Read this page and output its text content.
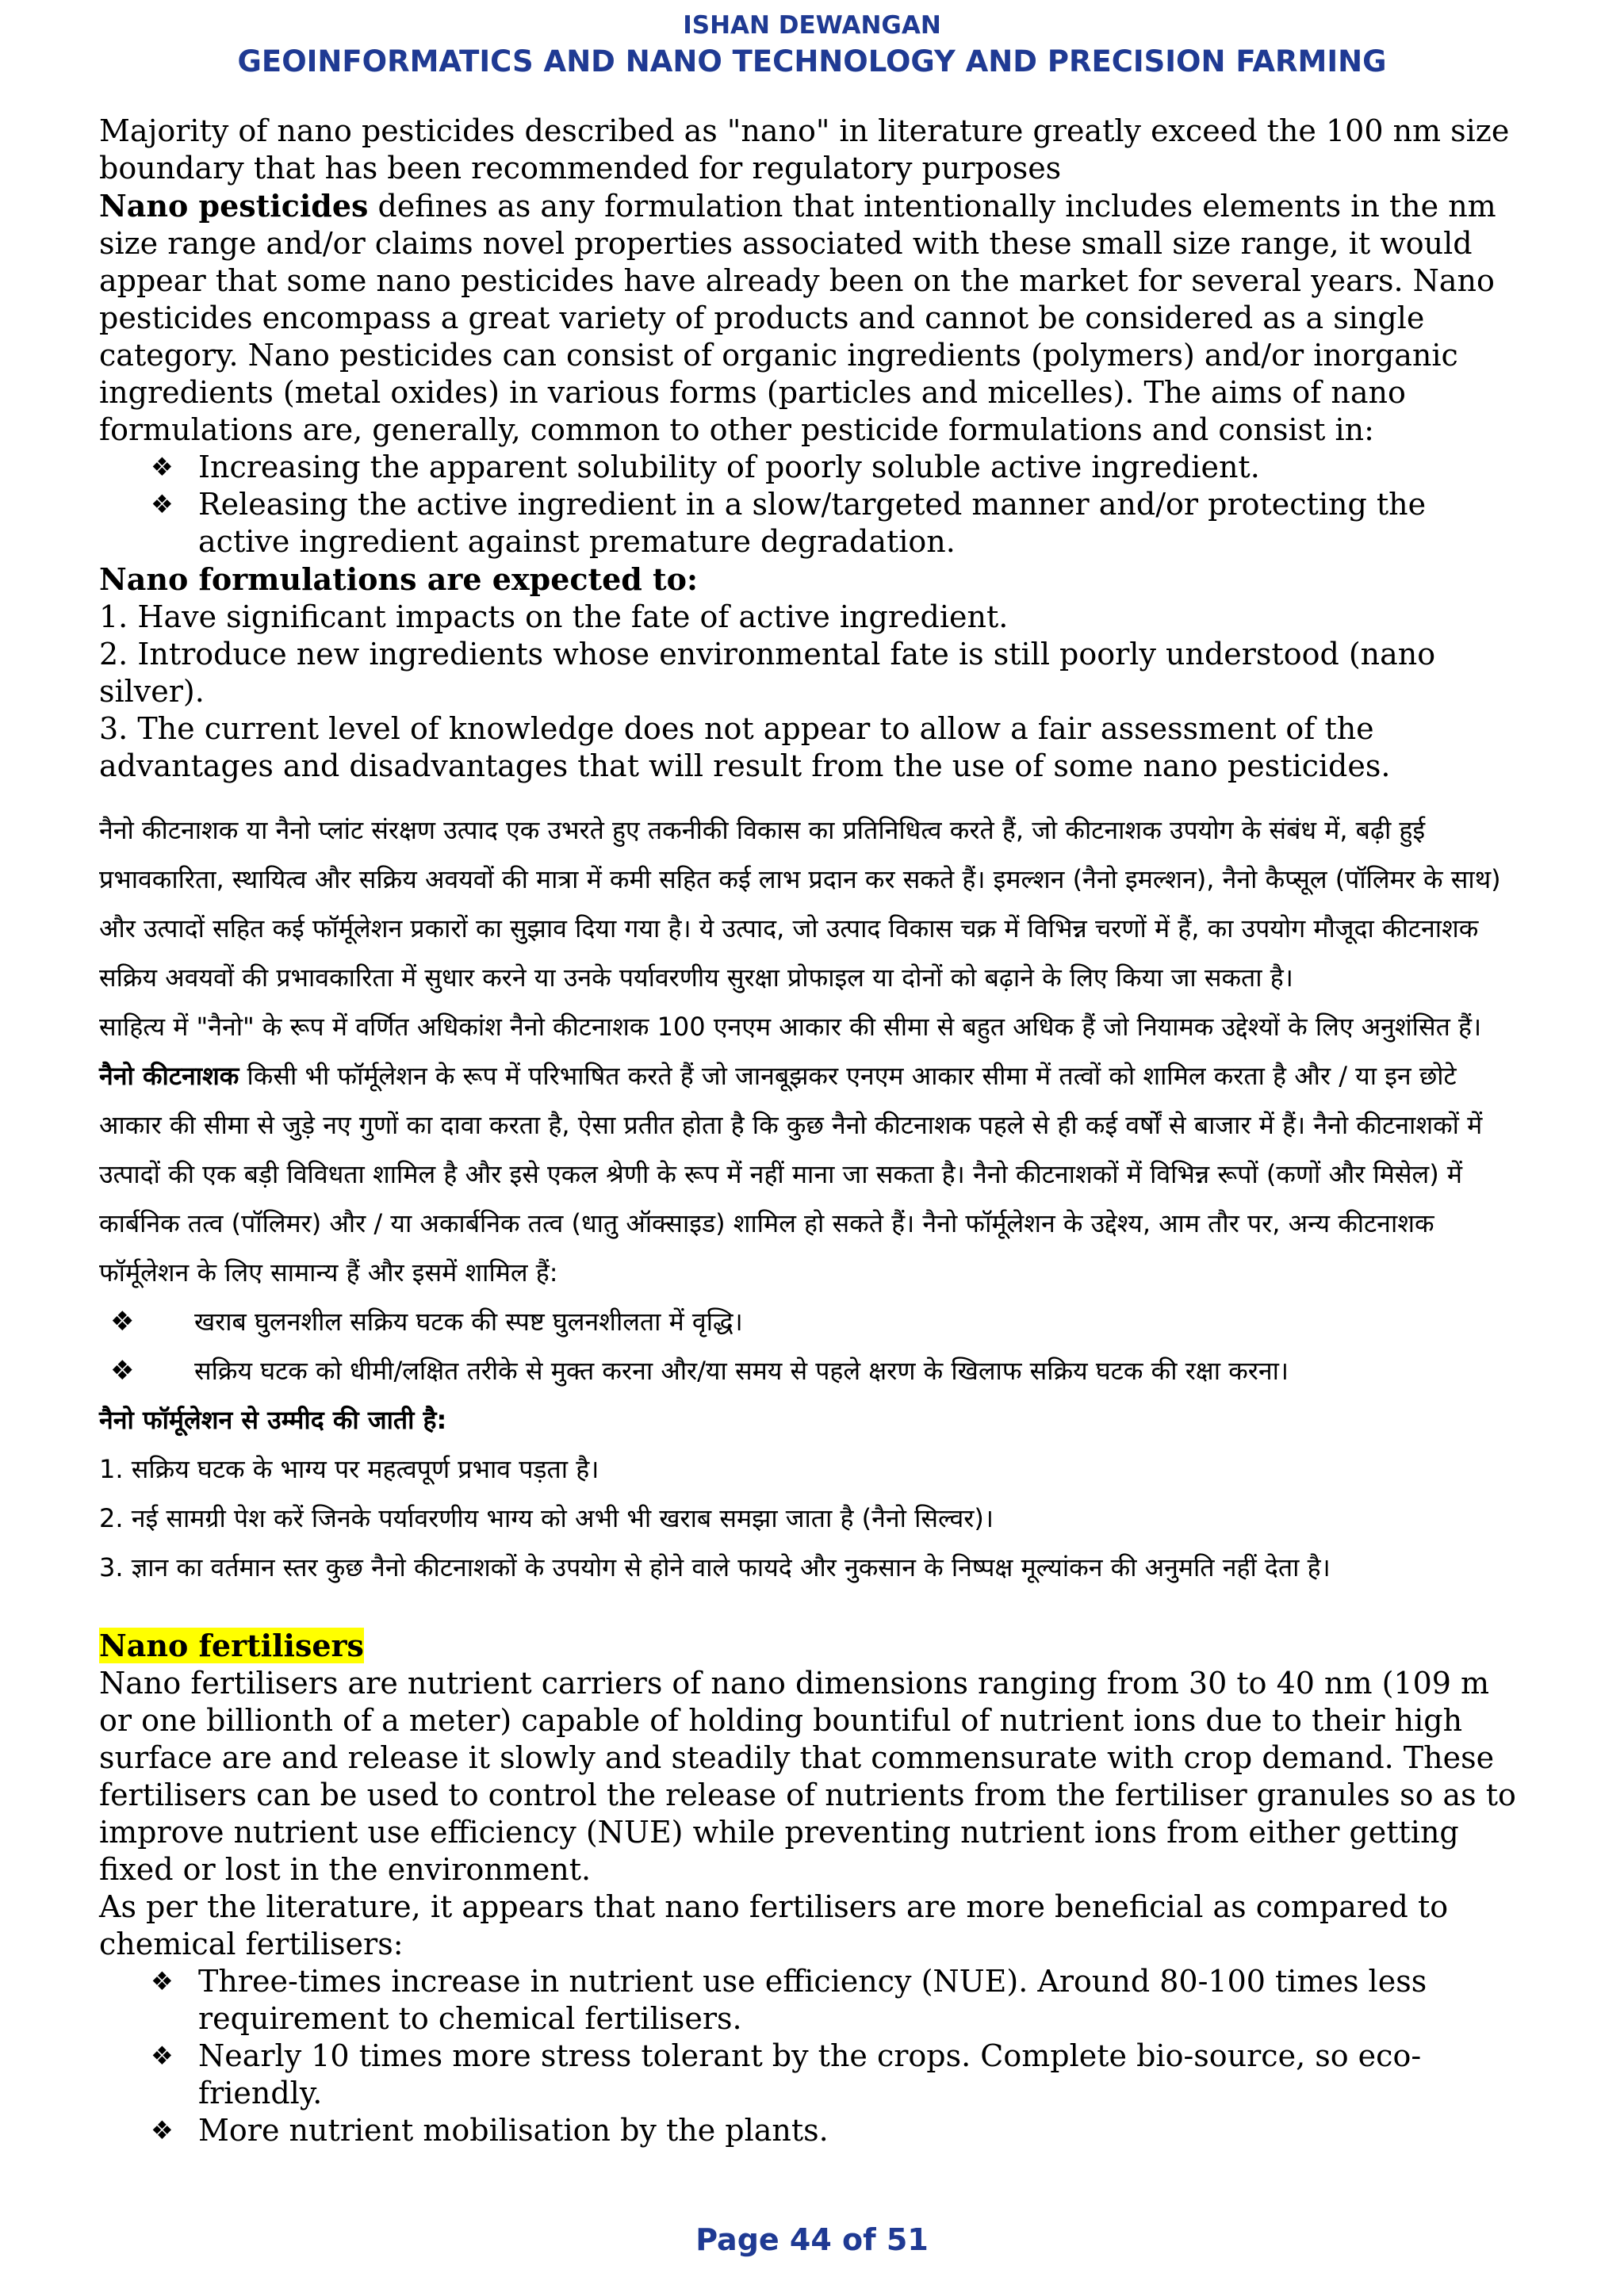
ISHAN DEWANGAN
GEOINFORMATICS AND NANO TECHNOLOGY AND PRECISION FARMING

Majority of nano pesticides described as "nano" in literature greatly exceed the 100 nm size boundary that has been recommended for regulatory purposes

Nano pesticides defines as any formulation that intentionally includes elements in the nm size range and/or claims novel properties associated with these small size range, it would appear that some nano pesticides have already been on the market for several years. Nano pesticides encompass a great variety of products and cannot be considered as a single category. Nano pesticides can consist of organic ingredients (polymers) and/or inorganic ingredients (metal oxides) in various forms (particles and micelles). The aims of nano formulations are, generally, common to other pesticide formulations and consist in:

❖ Increasing the apparent solubility of poorly soluble active ingredient.
❖ Releasing the active ingredient in a slow/targeted manner and/or protecting the active ingredient against premature degradation.

Nano formulations are expected to:

1. Have significant impacts on the fate of active ingredient.

2. Introduce new ingredients whose environmental fate is still poorly understood (nano silver).

3. The current level of knowledge does not appear to allow a fair assessment of the advantages and disadvantages that will result from the use of some nano pesticides.

नैनो कीटनाशक या नैनो प्लांट संरक्षण उत्पाद एक उभरते हुए तकनीकी विकास का प्रतिनिधित्व करते हैं, जो कीटनाशक उपयोग के संबंध में, बढ़ी हुई प्रभावकारिता, स्थायित्व और सक्रिय अवयवों की मात्रा में कमी सहित कई लाभ प्रदान कर सकते हैं। इमल्शन (नैनो इमल्शन), नैनो कैप्सूल (पॉलिमर के साथ) और उत्पादों सहित कई फॉर्मूलेशन प्रकारों का सुझाव दिया गया है। ये उत्पाद, जो उत्पाद विकास चक्र में विभिन्न चरणों में हैं, का उपयोग मौजूदा कीटनाशक सक्रिय अवयवों की प्रभावकारिता में सुधार करने या उनके पर्यावरणीय सुरक्षा प्रोफाइल या दोनों को बढ़ाने के लिए किया जा सकता है।

साहित्य में "नैनो" के रूप में वर्णित अधिकांश नैनो कीटनाशक 100 एनएम आकार की सीमा से बहुत अधिक हैं जो नियामक उद्देश्यों के लिए अनुशंसित हैं।

नैनो कीटनाशक किसी भी फॉर्मूलेशन के रूप में परिभाषित करते हैं जो जानबूझकर एनएम आकार सीमा में तत्वों को शामिल करता है और / या इन छोटे आकार की सीमा से जुड़े नए गुणों का दावा करता है, ऐसा प्रतीत होता है कि कुछ नैनो कीटनाशक पहले से ही कई वर्षों से बाजार में हैं। नैनो कीटनाशकों में उत्पादों की एक बड़ी विविधता शामिल है और इसे एकल श्रेणी के रूप में नहीं माना जा सकता है। नैनो कीटनाशकों में विभिन्न रूपों (कणों और मिसेल) में कार्बनिक तत्व (पॉलिमर) और / या अकार्बनिक तत्व (धातु ऑक्साइड) शामिल हो सकते हैं। नैनो फॉर्मूलेशन के उद्देश्य, आम तौर पर, अन्य कीटनाशक फॉर्मूलेशन के लिए सामान्य हैं और इसमें शामिल हैं:

❖ खराब घुलनशील सक्रिय घटक की स्पष्ट घुलनशीलता में वृद्धि।
❖ सक्रिय घटक को धीमी/लक्षित तरीके से मुक्त करना और/या समय से पहले क्षरण के खिलाफ सक्रिय घटक की रक्षा करना।

नैनो फॉर्मूलेशन से उम्मीद की जाती है:

1. सक्रिय घटक के भाग्य पर महत्वपूर्ण प्रभाव पड़ता है।

2. नई सामग्री पेश करें जिनके पर्यावरणीय भाग्य को अभी भी खराब समझा जाता है (नैनो सिल्वर)।

3. ज्ञान का वर्तमान स्तर कुछ नैनो कीटनाशकों के उपयोग से होने वाले फायदे और नुकसान के निष्पक्ष मूल्यांकन की अनुमति नहीं देता है।

Nano fertilisers

Nano fertilisers are nutrient carriers of nano dimensions ranging from 30 to 40 nm (109 m or one billionth of a meter) capable of holding bountiful of nutrient ions due to their high surface are and release it slowly and steadily that commensurate with crop demand. These fertilisers can be used to control the release of nutrients from the fertiliser granules so as to improve nutrient use efficiency (NUE) while preventing nutrient ions from either getting fixed or lost in the environment.

As per the literature, it appears that nano fertilisers are more beneficial as compared to chemical fertilisers:

❖ Three-times increase in nutrient use efficiency (NUE). Around 80-100 times less requirement to chemical fertilisers.
❖ Nearly 10 times more stress tolerant by the crops. Complete bio-source, so eco-friendly.
❖ More nutrient mobilisation by the plants.
Page 44 of 51
